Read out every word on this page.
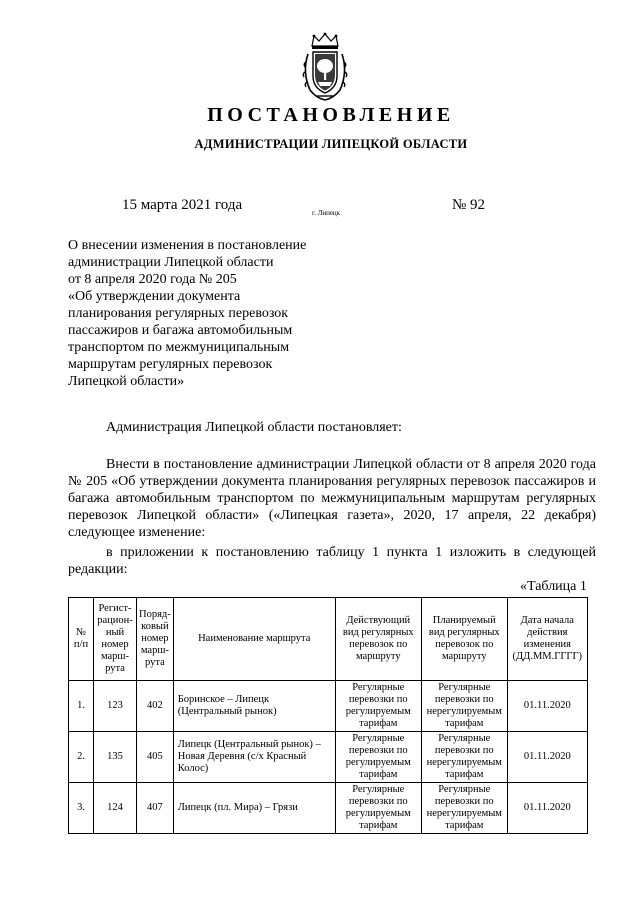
ПОСТАНОВЛЕНИЕ
АДМИНИСТРАЦИИ ЛИПЕЦКОЙ ОБЛАСТИ
15 марта 2021 года	г. Липецк	№ 92
О внесении изменения в постановление
администрации Липецкой области
от 8 апреля 2020 года № 205
«Об утверждении документа
планирования регулярных перевозок
пассажиров и багажа автомобильным
транспортом по межмуниципальным
маршрутам регулярных перевозок
Липецкой области»
Администрация Липецкой области постановляет:
Внести в постановление администрации Липецкой области от 8 апреля 2020 года № 205 «Об утверждении документа планирования регулярных перевозок пассажиров и багажа автомобильным транспортом по межмуниципальным маршрутам регулярных перевозок Липецкой области» («Липецкая газета», 2020, 17 апреля, 22 декабря) следующее изменение:
в приложении к постановлению таблицу 1 пункта 1 изложить в следующей редакции:
«Таблица 1
№ п/п	Регист-рацион-ный номер марш-рута	Поряд-ковый номер марш-рута	Наименование маршрута	Действующий вид регулярных перевозок по маршруту	Планируемый вид регулярных перевозок по маршруту	Дата начала действия изменения (ДД.ММ.ГГГГ)
1.	123	402	Боринское – Липецк (Центральный рынок)	Регулярные перевозки по регулируемым тарифам	Регулярные перевозки по нерегулируемым тарифам	01.11.2020
2.	135	405	Липецк (Центральный рынок) – Новая Деревня (с/х Красный Колос)	Регулярные перевозки по регулируемым тарифам	Регулярные перевозки по нерегулируемым тарифам	01.11.2020
3.	124	407	Липецк (пл. Мира) – Грязи	Регулярные перевозки по регулируемым тарифам	Регулярные перевозки по нерегулируемым тарифам	01.11.2020
